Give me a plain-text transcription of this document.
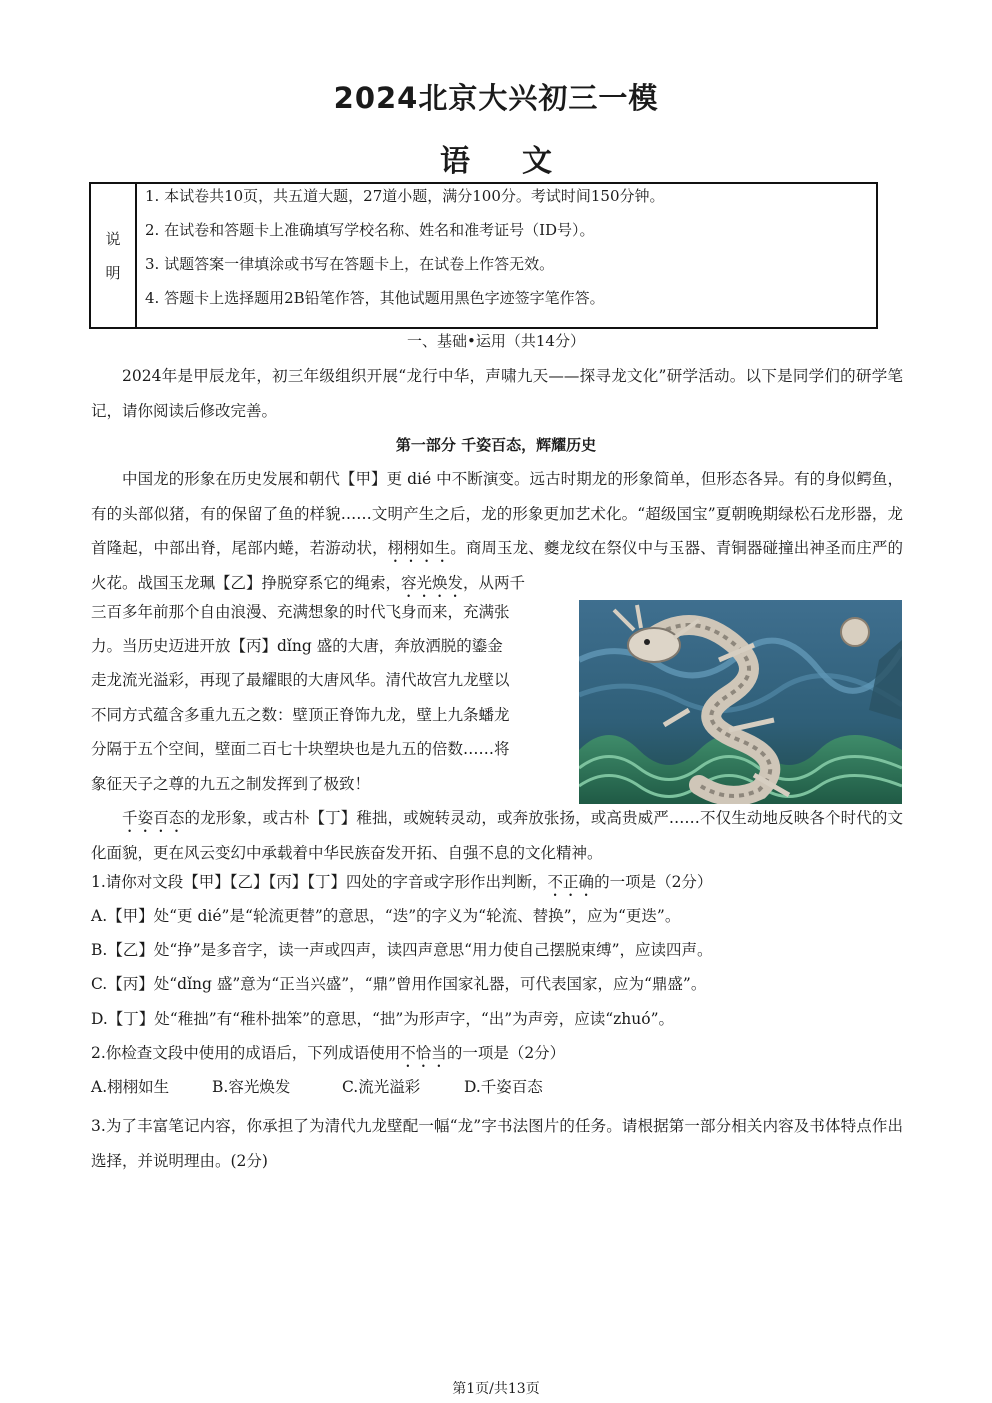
2024北京大兴初三一模
语 文
说
明
1. 本试卷共10页，共五道大题，27道小题，满分100分。考试时间150分钟。
2. 在试卷和答题卡上准确填写学校名称、姓名和准考证号（ID号）。
3. 试题答案一律填涂或书写在答题卡上，在试卷上作答无效。
4. 答题卡上选择题用2B铅笔作答，其他试题用黑色字迹签字笔作答。
一、基础•运用（共14分）
2024年是甲辰龙年，初三年级组织开展“龙行中华，声啸九天——探寻龙文化”研学活动。以下是同学们的研学笔记，请你阅读后修改完善。
第一部分 千姿百态，辉耀历史
中国龙的形象在历史发展和朝代【甲】更 dié 中不断演变。远古时期龙的形象简单，但形态各异。有的身似鳄鱼，有的头部似猪，有的保留了鱼的样貌……文明产生之后，龙的形象更加艺术化。“超级国宝”夏朝晚期绿松石龙形器，龙首隆起，中部出脊，尾部内蜷，若游动状，栩栩如生。商周玉龙、夔龙纹在祭仪中与玉器、青铜器碰撞出神圣而庄严的火花。战国玉龙珮【乙】挣脱穿系它的绳索，容光焕发，从两千
三百多年前那个自由浪漫、充满想象的时代飞身而来，充满张
力。当历史迈进开放【丙】dǐng 盛的大唐，奔放洒脱的鎏金
走龙流光溢彩，再现了最耀眼的大唐风华。清代故宫九龙壁以
不同方式蕴含多重九五之数：壁顶正脊饰九龙，壁上九条蟠龙
分隔于五个空间，壁面二百七十块塑块也是九五的倍数……将
象征天子之尊的九五之制发挥到了极致！
千姿百态的龙形象，或古朴【丁】稚拙，或婉转灵动，或奔放张扬，或高贵威严……不仅生动地反映各个时代的文化面貌，更在风云变幻中承载着中华民族奋发开拓、自强不息的文化精神。
1.请你对文段【甲】【乙】【丙】【丁】四处的字音或字形作出判断，不正确的一项是（2分）
A.【甲】处“更 dié”是“轮流更替”的意思，“迭”的字义为“轮流、替换”，应为“更迭”。
B.【乙】处“挣”是多音字，读一声或四声，读四声意思“用力使自己摆脱束缚”，应读四声。
C.【丙】处“dǐng 盛”意为“正当兴盛”，“鼎”曾用作国家礼器，可代表国家，应为“鼎盛”。
D.【丁】处“稚拙”有“稚朴拙笨”的意思，“拙”为形声字，“出”为声旁，应读“zhuó”。
2.你检查文段中使用的成语后，下列成语使用不恰当的一项是（2分）
A.栩栩如生	B.容光焕发	C.流光溢彩	D.千姿百态
3.为了丰富笔记内容，你承担了为清代九龙壁配一幅“龙”字书法图片的任务。请根据第一部分相关内容及书体特点作出选择，并说明理由。(2分)
第1页/共13页
